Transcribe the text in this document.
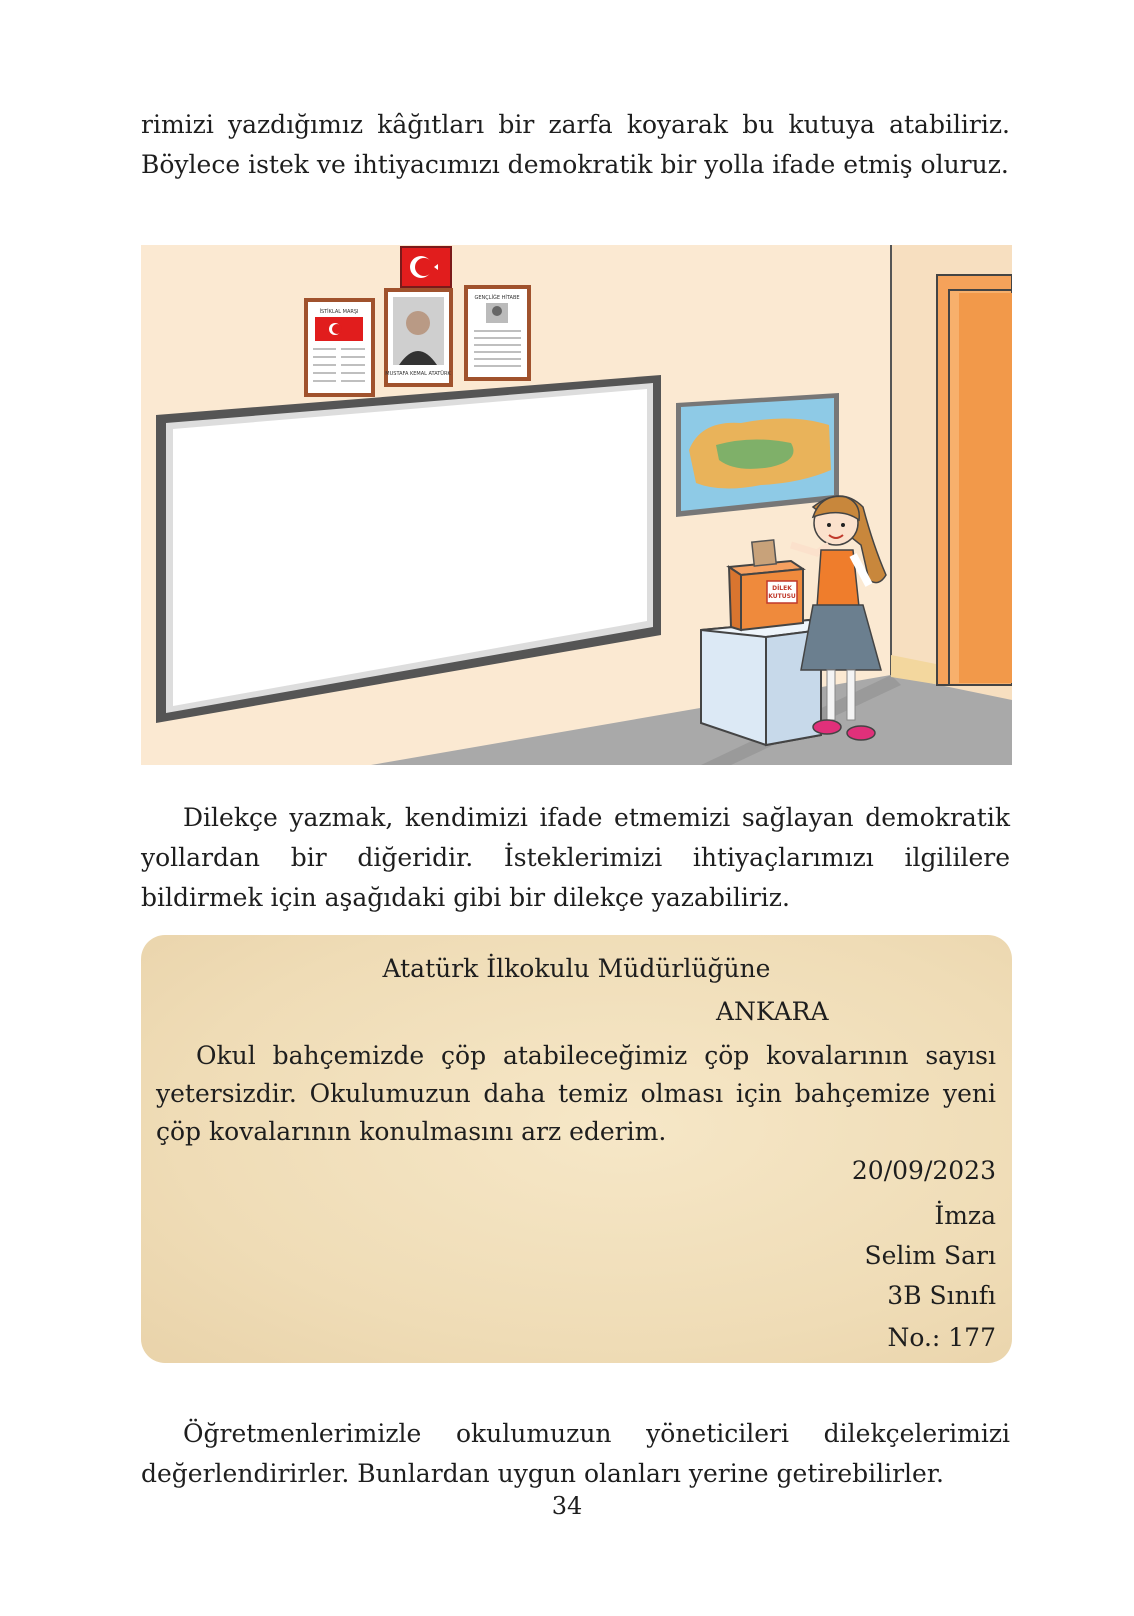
rimizi yazdığımız kâğıtları bir zarfa koyarak bu kutuya atabiliriz. Böylece istek ve ihtiyacımızı demokratik bir yolla ifade etmiş oluruz.

İSTİKLAL MARŞI
MUSTAFA KEMAL ATATÜRK
GENÇLİĞE HİTABE
DİLEK
KUTUSU

Dilekçe yazmak, kendimizi ifade etmemizi sağlayan demokratik yollardan bir diğeridir. İsteklerimizi ihtiyaçlarımızı ilgililere bildirmek için aşağıdaki gibi bir dilekçe yazabiliriz.

Atatürk İlkokulu Müdürlüğüne

ANKARA

Okul bahçemizde çöp atabileceğimiz çöp kovalarının sayısı yetersizdir. Okulumuzun daha temiz olması için bahçemize yeni çöp kovalarının konulmasını arz ederim.

20/09/2023

İmza

Selim Sarı

3B Sınıfı

No.: 177

Öğretmenlerimizle okulumuzun yöneticileri dilekçelerimizi değerlendirirler. Bunlardan uygun olanları yerine getirebilirler.

34
